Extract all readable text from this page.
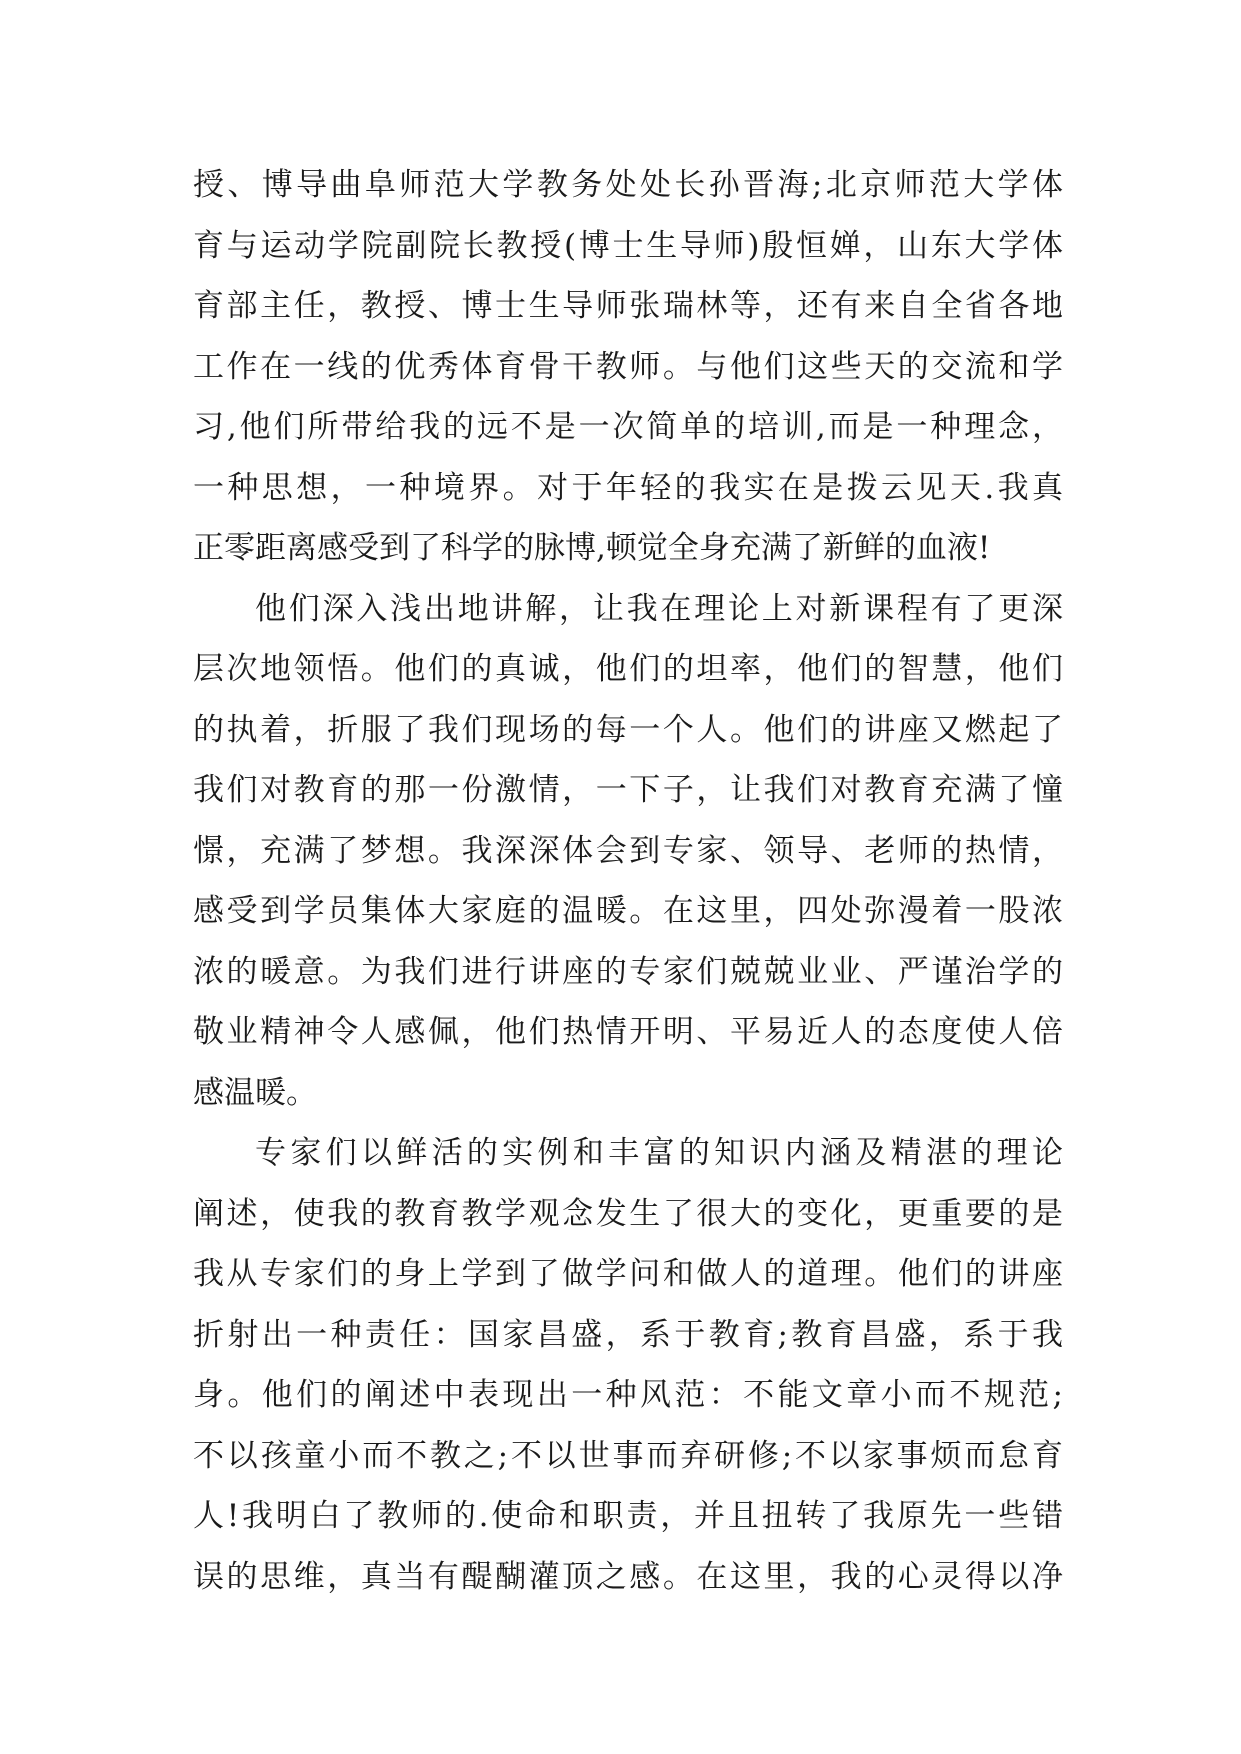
授、博导曲阜师范大学教务处处长孙晋海;北京师范大学体
育与运动学院副院长教授(博士生导师)殷恒婵，山东大学体
育部主任，教授、博士生导师张瑞林等，还有来自全省各地
工作在一线的优秀体育骨干教师。与他们这些天的交流和学
习,他们所带给我的远不是一次简单的培训,而是一种理念，
一种思想，一种境界。对于年轻的我实在是拨云见天.我真
正零距离感受到了科学的脉博,顿觉全身充满了新鲜的血液!
他们深入浅出地讲解，让我在理论上对新课程有了更深
层次地领悟。他们的真诚，他们的坦率，他们的智慧，他们
的执着，折服了我们现场的每一个人。他们的讲座又燃起了
我们对教育的那一份激情，一下子，让我们对教育充满了憧
憬，充满了梦想。我深深体会到专家、领导、老师的热情，
感受到学员集体大家庭的温暖。在这里，四处弥漫着一股浓
浓的暖意。为我们进行讲座的专家们兢兢业业、严谨治学的
敬业精神令人感佩，他们热情开明、平易近人的态度使人倍
感温暖。
专家们以鲜活的实例和丰富的知识内涵及精湛的理论
阐述，使我的教育教学观念发生了很大的变化，更重要的是
我从专家们的身上学到了做学问和做人的道理。他们的讲座
折射出一种责任：国家昌盛，系于教育;教育昌盛，系于我
身。他们的阐述中表现出一种风范：不能文章小而不规范;
不以孩童小而不教之;不以世事而弃研修;不以家事烦而怠育
人!我明白了教师的.使命和职责，并且扭转了我原先一些错
误的思维，真当有醍醐灌顶之感。在这里，我的心灵得以净
